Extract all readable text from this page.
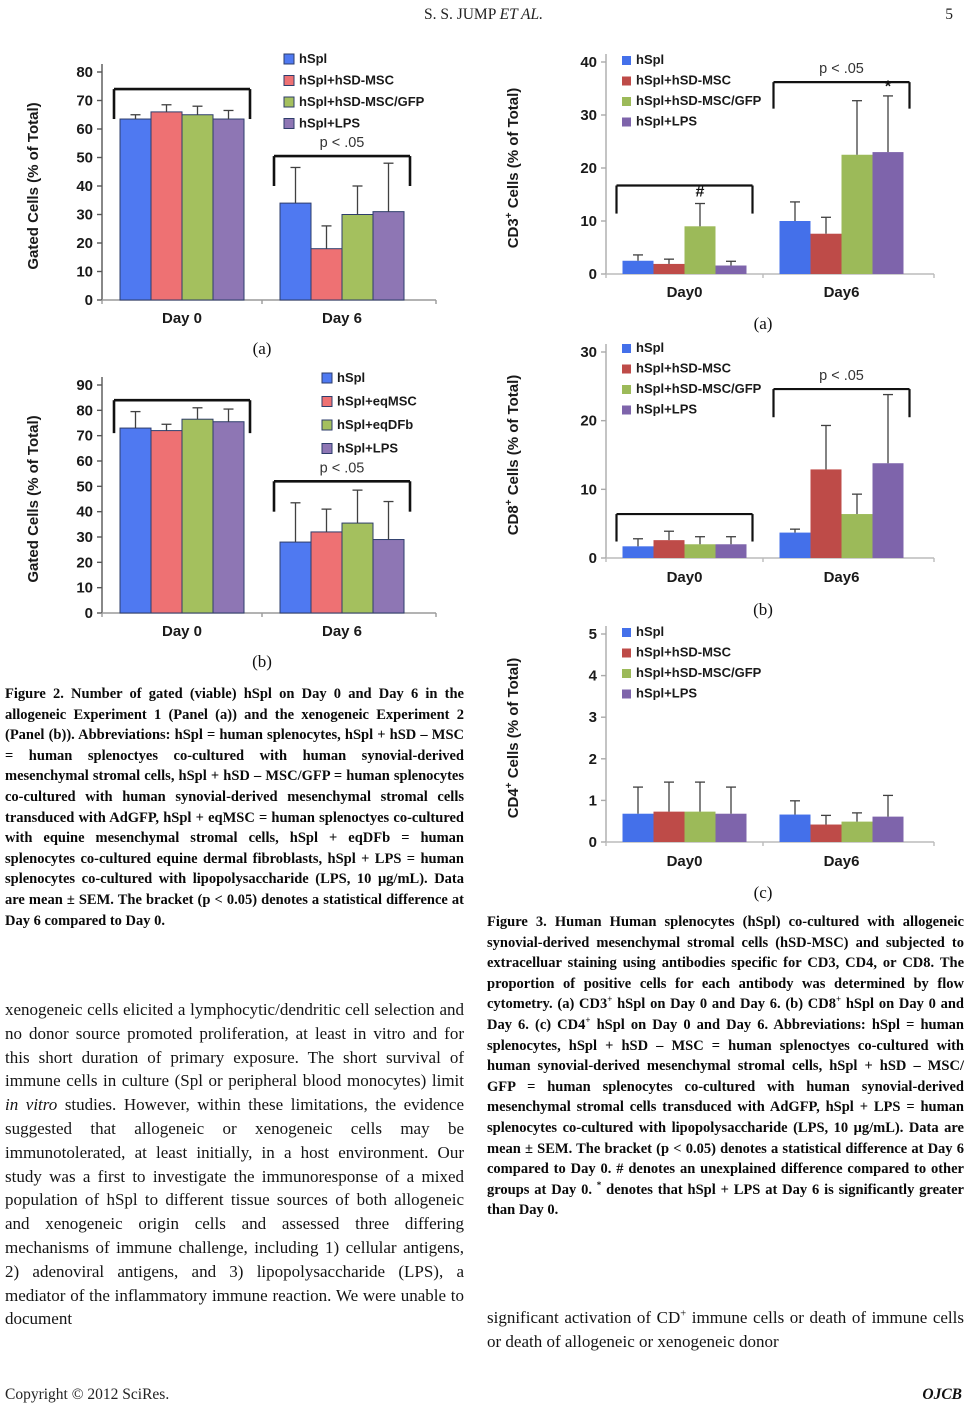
S. S. JUMP ET AL.	5
0
10
20
30
40
50
60
70
80
Gated Cells (% of Total)	p < .05
Day 0	Day 6
hSpl
hSpl+hSD-MSC
hSpl+hSD-MSC/GFP
hSpl+LPS
(a)
0
10
20
30
40
50
60
70
80
90
Gated Cells (% of Total)	p < .05
Day 0	Day 6
hSpl
hSpl+eqMSC
hSpl+eqDFb
hSpl+LPS
(b)

Figure 2. Number of gated (viable) hSpl on Day 0 and Day 6 in the allogeneic Experiment 1 (Panel (a)) and the xenogeneic Experiment 2 (Panel (b)). Abbreviations: hSpl = human splenocytes, hSpl + hSD – MSC = human splenoctyes co-cultured with human synovial-derived mesenchymal stromal cells, hSpl + hSD – MSC/GFP = human splenocytes co-cultured with human synovial-derived mesenchymal stromal cells transduced with AdGFP, hSpl + eqMSC = human splenoctyes co-cultured with equine mesenchymal stromal cells, hSpl + eqDFb = human splenocytes co-cultured equine dermal fibroblasts, hSpl + LPS = human splenocytes co-cultured with lipopolysaccharide (LPS, 10 μg/mL). Data are mean ± SEM. The bracket (p < 0.05) denotes a statistical difference at Day 6 compared to Day 0.

xenogeneic cells elicited a lymphocytic/dendritic cell selection and no donor source promoted proliferation, at least in vitro and for this short duration of primary exposure. The short survival of immune cells in culture (Spl or peripheral blood monocytes) limit in vitro studies. However, within these limitations, the evidence suggested that allogeneic or xenogeneic cells may be immunotolerated, at least initially, in a host environment. Our study was a first to investigate the immunoresponse of a mixed population of hSpl to different tissue sources of both allogeneic and xenogeneic origin cells and assessed three differing mechanisms of immune challenge, including 1) cellular antigens, 2) adenoviral antigens, and 3) lipopolysaccharide (LPS), a mediator of the inflammatory immune reaction. We were unable to document

0
10
20
30
40
CD3+ Cells (% of Total)
p < .05
#
*
Day0	Day6
hSpl
hSpl+hSD-MSC
hSpl+hSD-MSC/GFP
hSpl+LPS
(a)
0
10
20
30
CD8+ Cells (% of Total)	p < .05
Day0	Day6
hSpl
hSpl+hSD-MSC
hSpl+hSD-MSC/GFP
hSpl+LPS
(b)
0
1
2
3
4
5
CD4+ Cells (% of Total)
Day0	Day6
hSpl
hSpl+hSD-MSC
hSpl+hSD-MSC/GFP
hSpl+LPS
(c)

Figure 3. Human Human splenocytes (hSpl) co-cultured with allogeneic synovial-derived mesenchymal stromal cells (hSD-MSC) and subjected to extracelluar staining using antibodies specific for CD3, CD4, or CD8. The proportion of positive cells for each antibody was determined by flow cytometry. (a) CD3+ hSpl on Day 0 and Day 6. (b) CD8+ hSpl on Day 0 and Day 6. (c) CD4+ hSpl on Day 0 and Day 6. Abbreviations: hSpl = human splenocytes, hSpl + hSD – MSC = human splenoctyes co-cultured with human synovial-derived mesenchymal stromal cells, hSpl + hSD – MSC/ GFP = human splenocytes co-cultured with human synovial-derived mesenchymal stromal cells transduced with AdGFP, hSpl + LPS = human splenocytes co-cultured with lipopolysaccharide (LPS, 10 μg/mL). Data are mean ± SEM. The bracket (p < 0.05) denotes a statistical difference at Day 6 compared to Day 0. # denotes an unexplained difference compared to other groups at Day 0. * denotes that hSpl + LPS at Day 6 is significantly greater than Day 0.

significant activation of CD+ immune cells or death of immune cells or death of allogeneic or xenogeneic donor

Copyright © 2012 SciRes.	OJCB
